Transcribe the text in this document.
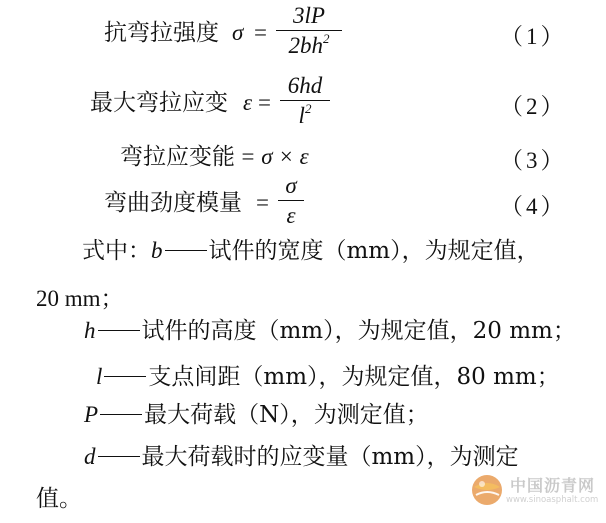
抗弯拉强度 σ =
3lP
$2bh^2$	（1）
最大弯拉应变 ε =
6hd
$l^2$	（2）
弯拉应变能 = σ × ε	（3）
弯曲劲度模量 =
σ
ε	（4）
式中：b 试件的宽度（mm），为规定值，
20 mm；
h 试件的高度（mm），为规定值，20 mm；
l 支点间距（mm），为规定值，80 mm；
P 最大荷载（N），为测定值；
d 最大荷载时的应变量（mm），为测定
值。
中国沥青网
www.sinoasphalt.com
